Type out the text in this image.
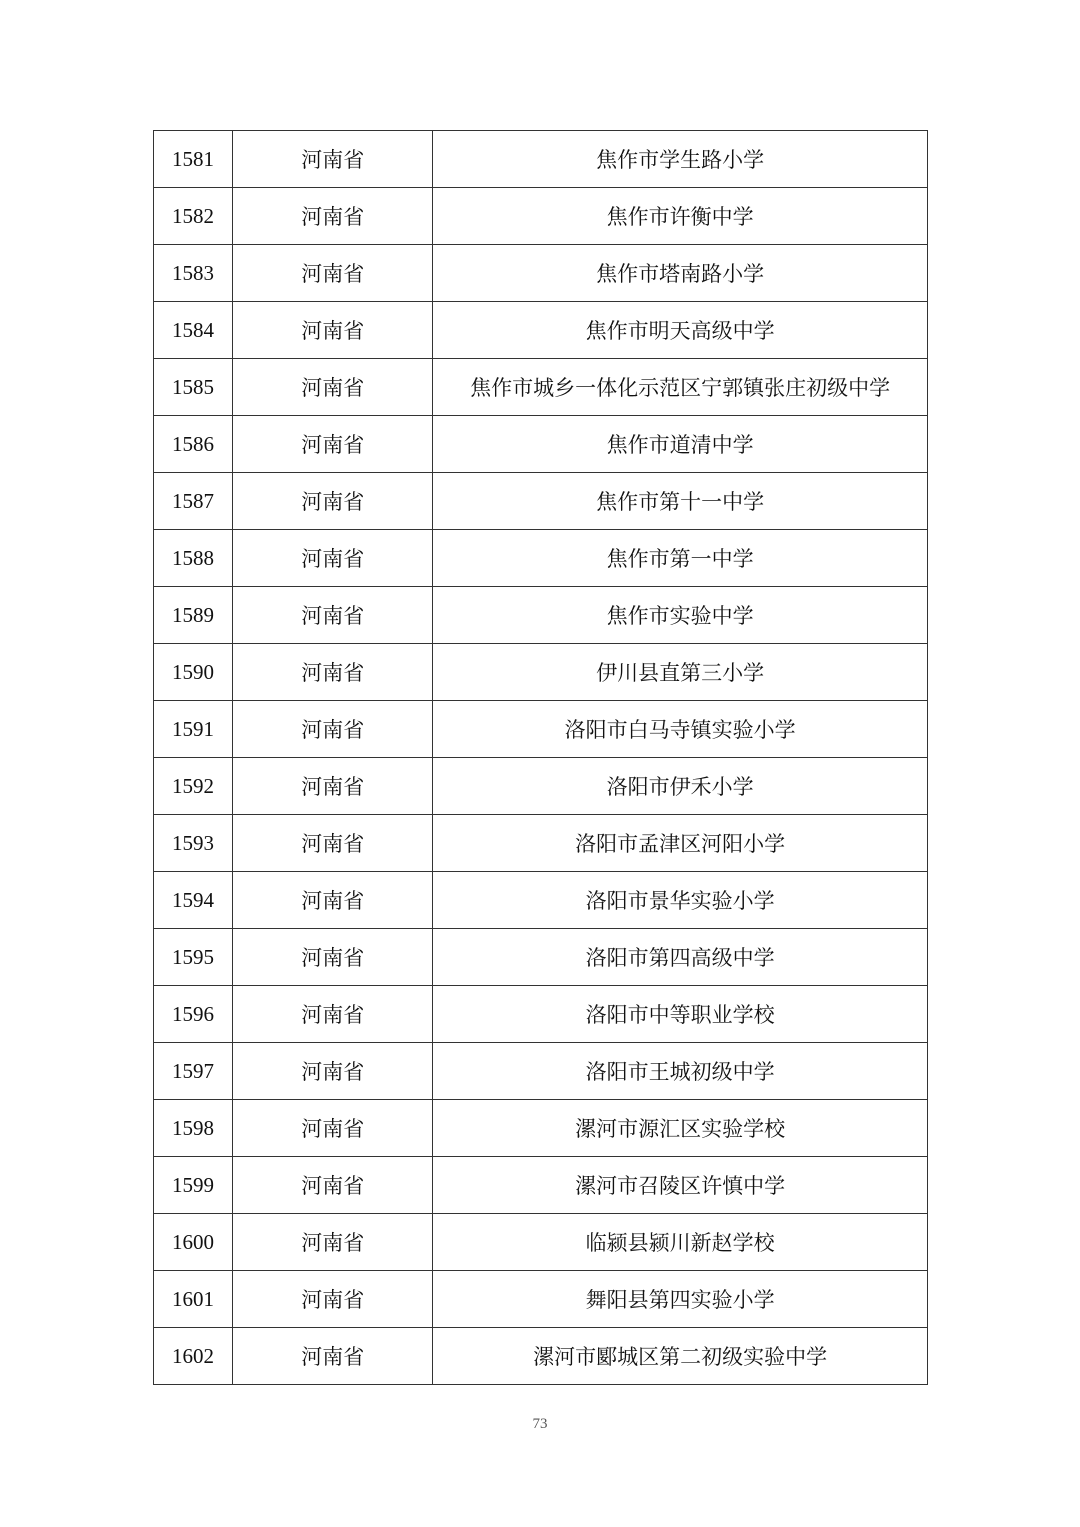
1581	河南省	焦作市学生路小学
1582	河南省	焦作市许衡中学
1583	河南省	焦作市塔南路小学
1584	河南省	焦作市明天高级中学
1585	河南省	焦作市城乡一体化示范区宁郭镇张庄初级中学
1586	河南省	焦作市道清中学
1587	河南省	焦作市第十一中学
1588	河南省	焦作市第一中学
1589	河南省	焦作市实验中学
1590	河南省	伊川县直第三小学
1591	河南省	洛阳市白马寺镇实验小学
1592	河南省	洛阳市伊禾小学
1593	河南省	洛阳市孟津区河阳小学
1594	河南省	洛阳市景华实验小学
1595	河南省	洛阳市第四高级中学
1596	河南省	洛阳市中等职业学校
1597	河南省	洛阳市王城初级中学
1598	河南省	漯河市源汇区实验学校
1599	河南省	漯河市召陵区许慎中学
1600	河南省	临颍县颍川新赵学校
1601	河南省	舞阳县第四实验小学
1602	河南省	漯河市郾城区第二初级实验中学
73
